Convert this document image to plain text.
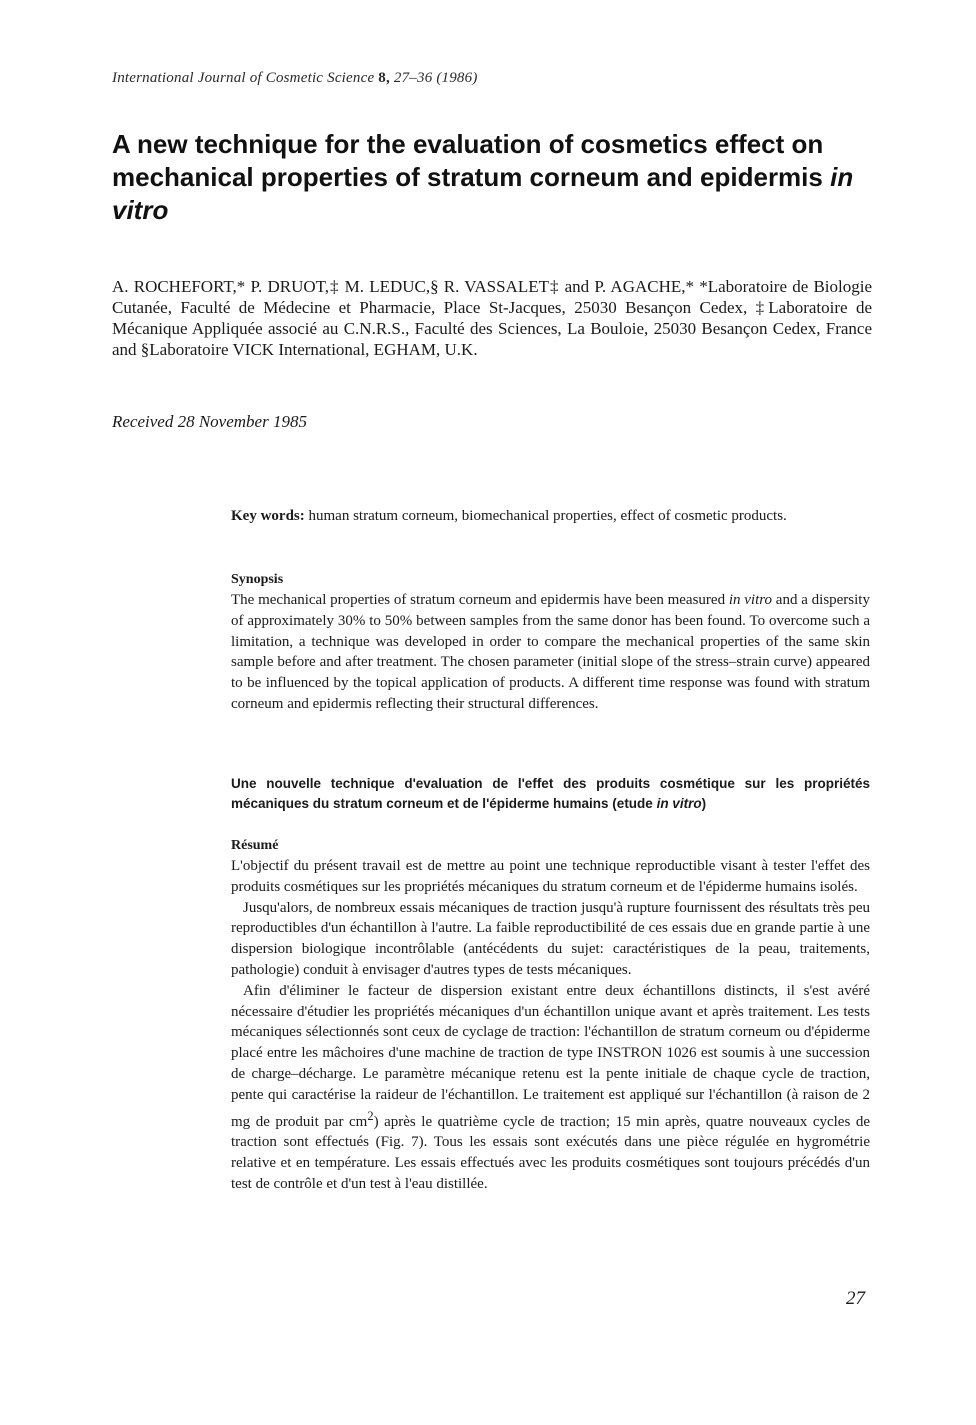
International Journal of Cosmetic Science 8, 27–36 (1986)
A new technique for the evaluation of cosmetics effect on mechanical properties of stratum corneum and epidermis in vitro

A. ROCHEFORT,* P. DRUOT,‡ M. LEDUC,§ R. VASSALET‡ and P. AGACHE,* *Laboratoire de Biologie Cutanée, Faculté de Médecine et Pharmacie, Place St-Jacques, 25030 Besançon Cedex, ‡Laboratoire de Mécanique Appliquée associé au C.N.R.S., Faculté des Sciences, La Bouloie, 25030 Besançon Cedex, France and §Laboratoire VICK International, EGHAM, U.K.

Received 28 November 1985
Key words: human stratum corneum, biomechanical properties, effect of cosmetic products.
Synopsis
The mechanical properties of stratum corneum and epidermis have been measured in vitro and a dispersity of approximately 30% to 50% between samples from the same donor has been found. To overcome such a limitation, a technique was developed in order to compare the mechanical properties of the same skin sample before and after treatment. The chosen parameter (initial slope of the stress–strain curve) appeared to be influenced by the topical application of products. A different time response was found with stratum corneum and epidermis reflecting their structural differences.
Une nouvelle technique d'evaluation de l'effet des produits cosmétique sur les propriétés mécaniques du stratum corneum et de l'épiderme humains (etude in vitro)
Résumé

L'objectif du présent travail est de mettre au point une technique reproductible visant à tester l'effet des produits cosmétiques sur les propriétés mécaniques du stratum corneum et de l'épiderme humains isolés.

Jusqu'alors, de nombreux essais mécaniques de traction jusqu'à rupture fournissent des résultats très peu reproductibles d'un échantillon à l'autre. La faible reproductibilité de ces essais due en grande partie à une dispersion biologique incontrôlable (antécédents du sujet: caractéristiques de la peau, traitements, pathologie) conduit à envisager d'autres types de tests mécaniques.

Afin d'éliminer le facteur de dispersion existant entre deux échantillons distincts, il s'est avéré nécessaire d'étudier les propriétés mécaniques d'un échantillon unique avant et après traitement. Les tests mécaniques sélectionnés sont ceux de cyclage de traction: l'échantillon de stratum corneum ou d'épiderme placé entre les mâchoires d'une machine de traction de type INSTRON 1026 est soumis à une succession de charge–décharge. Le paramètre mécanique retenu est la pente initiale de chaque cycle de traction, pente qui caractérise la raideur de l'échantillon. Le traitement est appliqué sur l'échantillon (à raison de 2 mg de produit par $cm^2$) après le quatrième cycle de traction; 15 min après, quatre nouveaux cycles de traction sont effectués (Fig. 7). Tous les essais sont exécutés dans une pièce régulée en hygrométrie relative et en température. Les essais effectués avec les produits cosmétiques sont toujours précédés d'un test de contrôle et d'un test à l'eau distillée.

27
